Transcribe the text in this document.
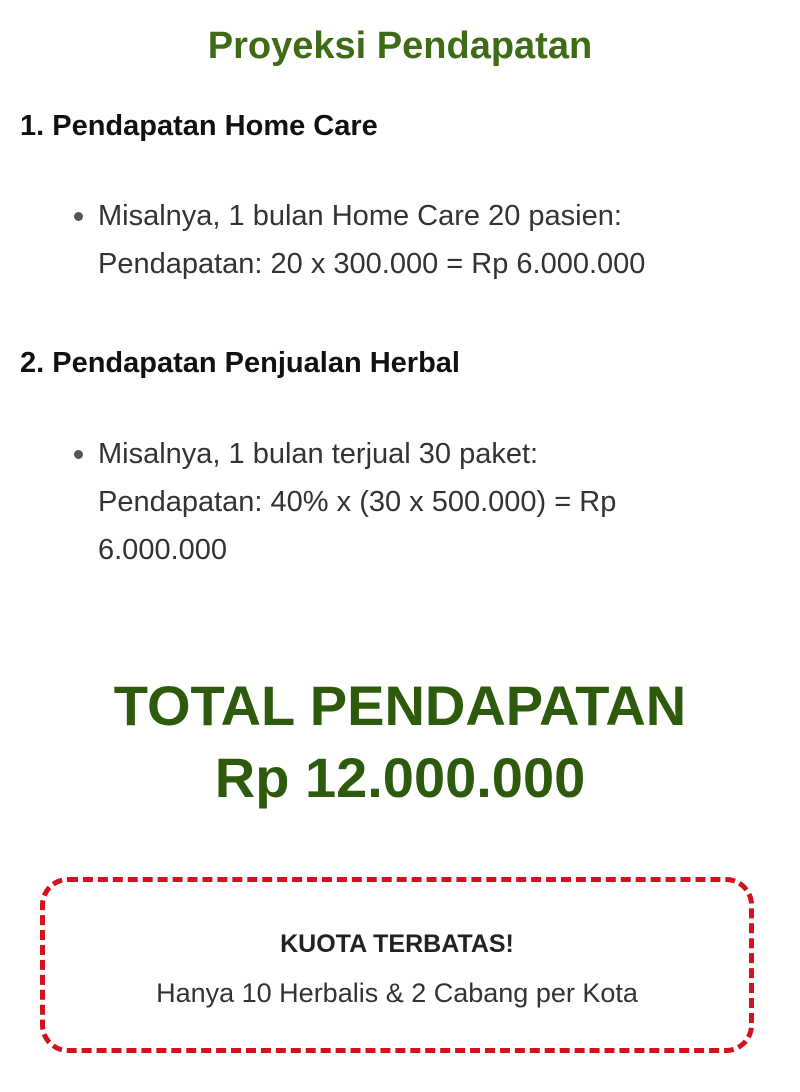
Proyeksi Pendapatan
1. Pendapatan Home Care
Misalnya, 1 bulan Home Care 20 pasien:
Pendapatan: 20 x 300.000 = Rp 6.000.000
2. Pendapatan Penjualan Herbal
Misalnya, 1 bulan terjual 30 paket:
Pendapatan: 40% x (30 x 500.000) = Rp
6.000.000
TOTAL PENDAPATAN
Rp 12.000.000
KUOTA TERBATAS!
Hanya 10 Herbalis & 2 Cabang per Kota
